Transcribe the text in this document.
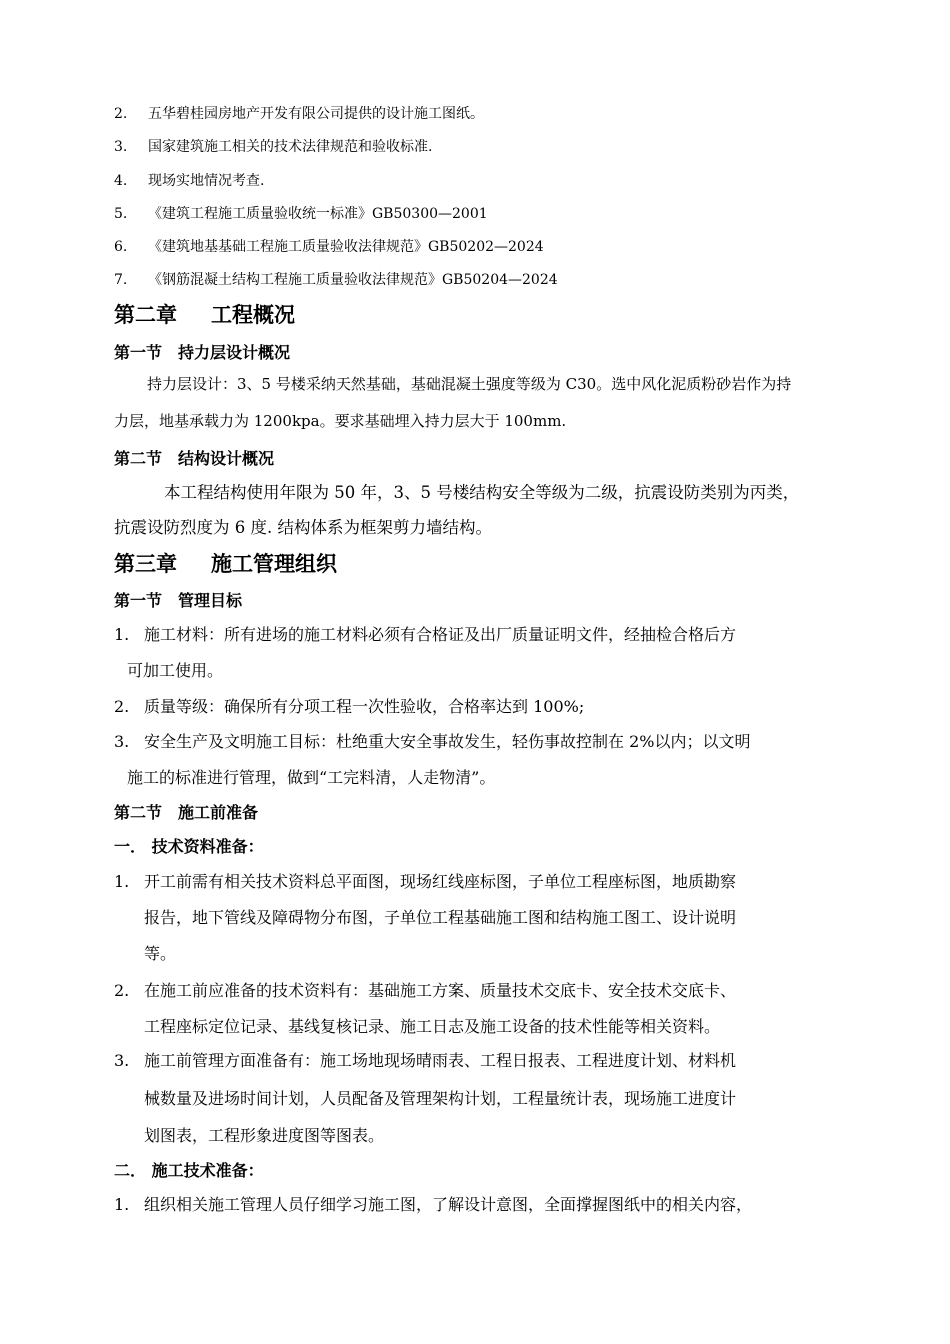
2. 五华碧桂园房地产开发有限公司提供的设计施工图纸。
3. 国家建筑施工相关的技术法律规范和验收标准.
4. 现场实地情况考查.
5. 《建筑工程施工质量验收统一标准》GB50300—2001
6. 《建筑地基基础工程施工质量验收法律规范》GB50202—2024
7. 《钢筋混凝土结构工程施工质量验收法律规范》GB50204—2024
第二章 工程概况
第一节 持力层设计概况
持力层设计：3、5 号楼采纳天然基础，基础混凝土强度等级为 C30。选中风化泥质粉砂岩作为持
力层，地基承载力为 1200kpa。要求基础埋入持力层大于 100mm.
第二节 结构设计概况
本工程结构使用年限为 50 年，3、5 号楼结构安全等级为二级，抗震设防类别为丙类，
抗震设防烈度为 6 度. 结构体系为框架剪力墙结构。
第三章 施工管理组织
第一节 管理目标
1. 施工材料：所有进场的施工材料必须有合格证及出厂质量证明文件，经抽检合格后方
可加工使用。
2. 质量等级：确保所有分项工程一次性验收，合格率达到 100%;
3. 安全生产及文明施工目标：杜绝重大安全事故发生，轻伤事故控制在 2%以内；以文明
施工的标准进行管理，做到“工完料清，人走物清”。
第二节 施工前准备
一． 技术资料准备：
1. 开工前需有相关技术资料总平面图，现场红线座标图，子单位工程座标图，地质勘察
报告，地下管线及障碍物分布图，子单位工程基础施工图和结构施工图工、设计说明
等。
2. 在施工前应准备的技术资料有：基础施工方案、质量技术交底卡、安全技术交底卡、
工程座标定位记录、基线复核记录、施工日志及施工设备的技术性能等相关资料。
3. 施工前管理方面准备有：施工场地现场晴雨表、工程日报表、工程进度计划、材料机
械数量及进场时间计划，人员配备及管理架构计划，工程量统计表，现场施工进度计
划图表，工程形象进度图等图表。
二． 施工技术准备：
1. 组织相关施工管理人员仔细学习施工图，了解设计意图，全面撑握图纸中的相关内容，
